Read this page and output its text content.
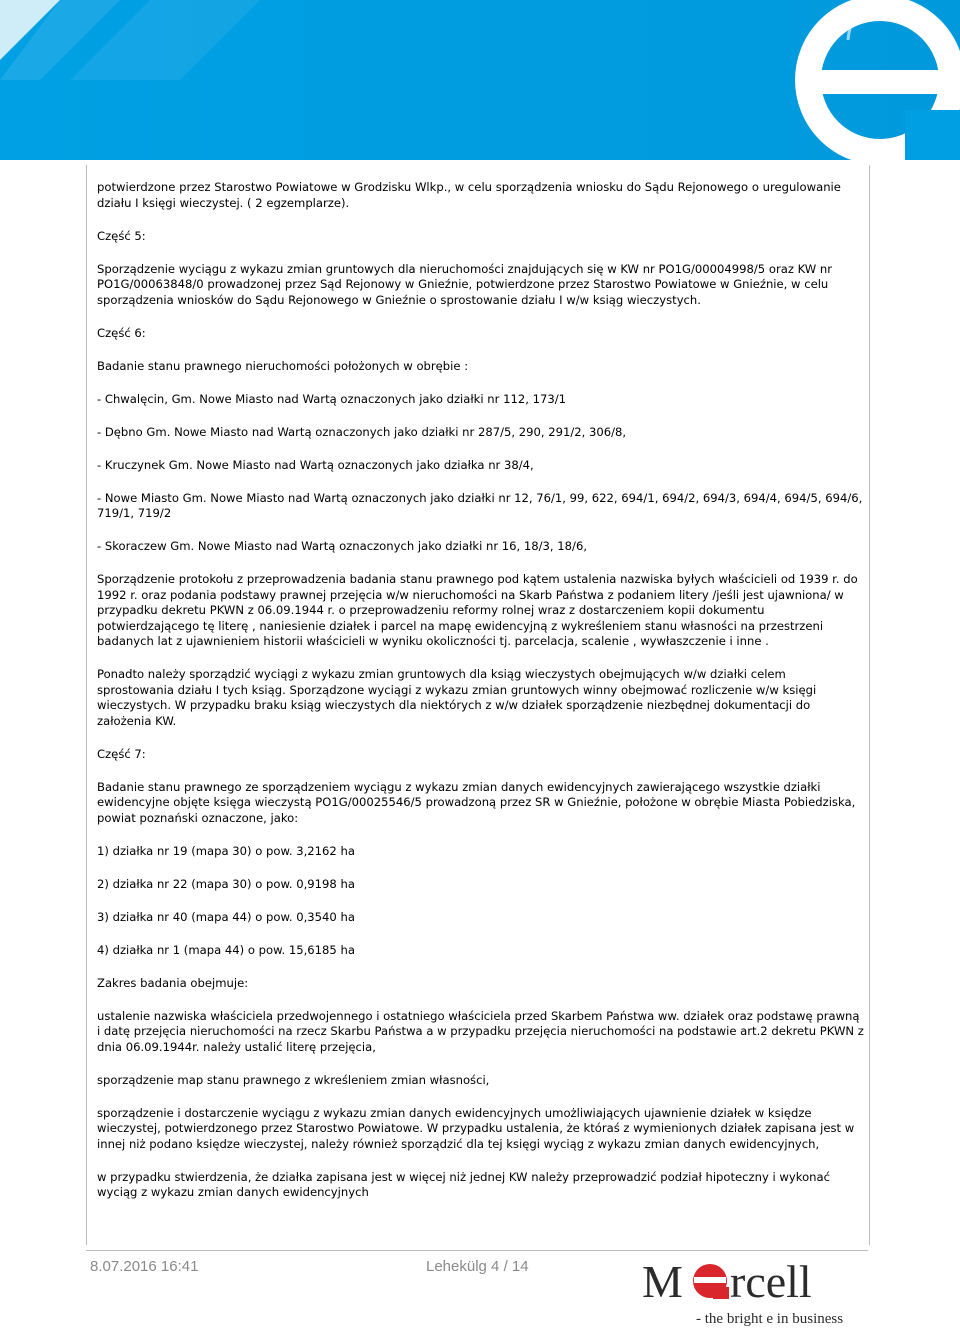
potwierdzone przez Starostwo Powiatowe w Grodzisku Wlkp., w celu sporządzenia wniosku do Sądu Rejonowego o uregulowanie działu I księgi wieczystej. ( 2 egzemplarze).

Część 5:

Sporządzenie wyciągu z wykazu zmian gruntowych dla nieruchomości znajdujących się w KW nr PO1G/00004998/5 oraz KW nr PO1G/00063848/0 prowadzonej przez Sąd Rejonowy w Gnieźnie, potwierdzone przez Starostwo Powiatowe w Gnieźnie, w celu sporządzenia wniosków do Sądu Rejonowego w Gnieźnie o sprostowanie działu I w/w ksiąg wieczystych.

Część 6:

Badanie stanu prawnego nieruchomości położonych w obrębie :

- Chwalęcin, Gm. Nowe Miasto nad Wartą oznaczonych jako działki nr 112, 173/1

- Dębno Gm. Nowe Miasto nad Wartą oznaczonych jako działki nr 287/5, 290, 291/2, 306/8,

- Kruczynek Gm. Nowe Miasto nad Wartą oznaczonych jako działka nr 38/4,

- Nowe Miasto Gm. Nowe Miasto nad Wartą oznaczonych jako działki nr 12, 76/1, 99, 622, 694/1, 694/2, 694/3, 694/4, 694/5, 694/6, 719/1, 719/2

- Skoraczew Gm. Nowe Miasto nad Wartą oznaczonych jako działki nr 16, 18/3, 18/6,

Sporządzenie protokołu z przeprowadzenia badania stanu prawnego pod kątem ustalenia nazwiska byłych właścicieli od 1939 r. do 1992 r. oraz podania podstawy prawnej przejęcia w/w nieruchomości na Skarb Państwa z podaniem litery /jeśli jest ujawniona/ w przypadku dekretu PKWN z 06.09.1944 r. o przeprowadzeniu reformy rolnej wraz z dostarczeniem kopii dokumentu potwierdzającego tę literę , naniesienie działek i parcel na mapę ewidencyjną z wykreśleniem stanu własności na przestrzeni badanych lat z ujawnieniem historii właścicieli w wyniku okoliczności tj. parcelacja, scalenie , wywłaszczenie i inne .

Ponadto należy sporządzić wyciągi z wykazu zmian gruntowych dla ksiąg wieczystych obejmujących w/w działki celem sprostowania działu I tych ksiąg. Sporządzone wyciągi z wykazu zmian gruntowych winny obejmować rozliczenie w/w księgi wieczystych. W przypadku braku ksiąg wieczystych dla niektórych z w/w działek sporządzenie niezbędnej dokumentacji do założenia KW.

Część 7:

Badanie stanu prawnego ze sporządzeniem wyciągu z wykazu zmian danych ewidencyjnych zawierającego wszystkie działki ewidencyjne objęte księga wieczystą PO1G/00025546/5 prowadzoną przez SR w Gnieźnie, położone w obrębie Miasta Pobiedziska, powiat poznański oznaczone, jako:

1) działka nr 19 (mapa 30) o pow. 3,2162 ha

2) działka nr 22 (mapa 30) o pow. 0,9198 ha

3) działka nr 40 (mapa 44) o pow. 0,3540 ha

4) działka nr 1 (mapa 44) o pow. 15,6185 ha

Zakres badania obejmuje:

ustalenie nazwiska właściciela przedwojennego i ostatniego właściciela przed Skarbem Państwa ww. działek oraz podstawę prawną i datę przejęcia nieruchomości na rzecz Skarbu Państwa a w przypadku przejęcia nieruchomości na podstawie art.2 dekretu PKWN z dnia 06.09.1944r. należy ustalić literę przejęcia,

sporządzenie map stanu prawnego z wkreśleniem zmian własności,

sporządzenie i dostarczenie wyciągu z wykazu zmian danych ewidencyjnych umożliwiających ujawnienie działek w księdze wieczystej, potwierdzonego przez Starostwo Powiatowe. W przypadku ustalenia, że któraś z wymienionych działek zapisana jest w innej niż podano księdze wieczystej, należy również sporządzić dla tej księgi wyciąg z wykazu zmian danych ewidencyjnych,

w przypadku stwierdzenia, że działka zapisana jest w więcej niż jednej KW należy przeprowadzić podział hipoteczny i wykonać wyciąg z wykazu zmian danych ewidencyjnych

8.07.2016 16:41	Lehekülg 4 / 14 M rcell
- the bright e in business
